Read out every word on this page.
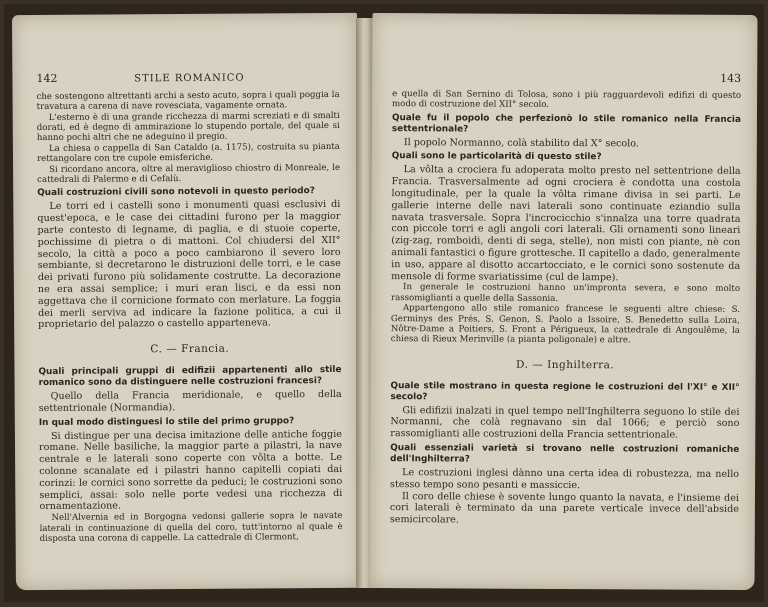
142	STILE ROMANICO

che sostengono altrettanti archi a sesto acuto, sopra i quali poggia la travatura a carena di nave rovesciata, vagamente ornata.

L'esterno è di una grande ricchezza di marmi screziati e di smalti dorati, ed è degno di ammirazione lo stupendo portale, del quale si hanno pochi altri che ne adeguino il pregio.

La chiesa o cappella di San Cataldo (a. 1175), costruita su pianta rettangolare con tre cupole emisferiche.

Si ricordano ancora, oltre al meraviglioso chiostro di Monreale, le cattedrali di Palermo e di Cefalù.

Quali costruzioni civili sono notevoli in questo periodo?

Le torri ed i castelli sono i monumenti quasi esclusivi di quest'epoca, e le case dei cittadini furono per la maggior parte contesto di legname, di paglia, e di stuoie coperte, pochissime di pietra o di mattoni. Col chiudersi del XII° secolo, la città a poco a poco cambiarono il severo loro sembiante, si decretarono le distruzioni delle torri, e le case dei privati furono più solidamente costrutte. La decorazione ne era assai semplice; i muri eran lisci, e da essi non aggettava che il cornicione formato con merlature. La foggia dei merli serviva ad indicare la fazione politica, a cui il proprietario del palazzo o castello apparteneva.

C. — Francia.

Quali principali gruppi di edifizii appartenenti allo stile romanico sono da distinguere nelle costruzioni francesi?

Quello della Francia meridionale, e quello della settentrionale (Normandia).

In qual modo distinguesi lo stile del primo gruppo?

Si distingue per una decisa imitazione delle antiche foggie romane. Nelle basiliche, la maggior parte a pilastri, la nave centrale e le laterali sono coperte con vôlta a botte. Le colonne scanalate ed i pilastri hanno capitelli copiati dai corinzi: le cornici sono sorrette da peduci; le costruzioni sono semplici, assai: solo nelle porte vedesi una ricchezza di ornamentazione.

Nell'Alvernia ed in Borgogna vedonsi gallerie sopra le navate laterali in continuazione di quella del coro, tutt'intorno al quale è disposta una corona di cappelle. La cattedrale di Clermont,

143

e quella di San Sernino di Tolosa, sono i più ragguardevoli edifizi di questo modo di costruzione del XII° secolo.

Quale fu il popolo che perfezionò lo stile romanico nella Francia settentrionale?

Il popolo Normanno, colà stabilito dal X° secolo.

Quali sono le particolarità di questo stile?

La vôlta a crociera fu adoperata molto presto nel settentrione della Francia. Trasversalmente ad ogni crociera è condotta una costola longitudinale, per la quale la vôlta rimane divisa in sei parti. Le gallerie interne delle navi laterali sono continuate eziandio sulla navata trasversale. Sopra l'incrocicchio s'innalza una torre quadrata con piccole torri e agli angoli cori laterali. Gli ornamenti sono lineari (zig-zag, romboidi, denti di sega, stelle), non misti con piante, nè con animali fantastici o figure grottesche. Il capitello a dado, generalmente in uso, appare al disotto accartocciato, e le cornici sono sostenute da mensole di forme svariatissime (cul de lampe).

In generale le costruzioni hanno un'impronta severa, e sono molto rassomiglianti a quelle della Sassonia.

Appartengono allo stile romanico francese le seguenti altre chiese: S. Germinys des Prés, S. Genon, S. Paolo a Issoire, S. Benedetto sulla Loira, Nôtre-Dame a Poitiers, S. Front a Périgueux, la cattedrale di Angoulême, la chiesa di Rieux Merinville (a pianta poligonale) e altre.

D. — Inghilterra.

Quale stile mostrano in questa regione le costruzioni del l'XI° e XII° secolo?

Gli edifizii inalzati in quel tempo nell'Inghilterra seguono lo stile dei Normanni, che colà regnavano sin dal 1066; e perciò sono rassomiglianti alle costruzioni della Francia settentrionale.

Quali essenziali varietà si trovano nelle costruzioni romaniche dell'Inghilterra?

Le costruzioni inglesi dànno una certa idea di robustezza, ma nello stesso tempo sono pesanti e massiccie.

Il coro delle chiese è sovente lungo quanto la navata, e l'insieme dei cori laterali è terminato da una parete verticale invece dell'abside semicircolare.
